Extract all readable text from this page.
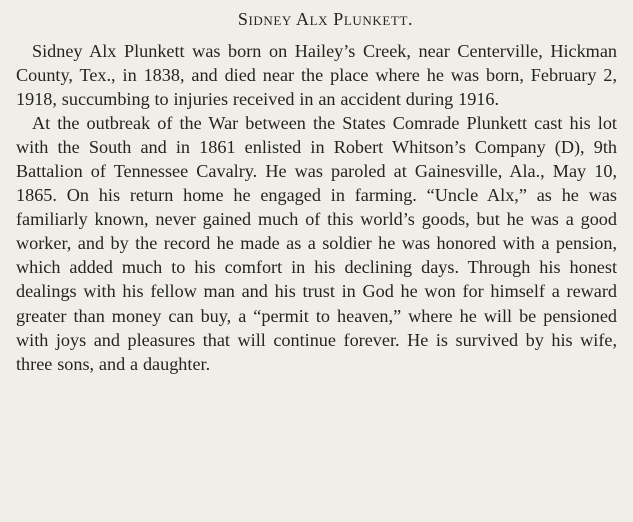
Sidney Alx Plunkett.

Sidney Alx Plunkett was born on Hailey’s Creek, near Centerville, Hickman County, Tex., in 1838, and died near the place where he was born, February 2, 1918, succumbing to injuries received in an accident during 1916.

At the outbreak of the War between the States Comrade Plunkett cast his lot with the South and in 1861 enlisted in Robert Whitson’s Company (D), 9th Battalion of Tennessee Cavalry. He was paroled at Gainesville, Ala., May 10, 1865. On his return home he engaged in farming. “Uncle Alx,” as he was familiarly known, never gained much of this world’s goods, but he was a good worker, and by the record he made as a soldier he was honored with a pension, which added much to his comfort in his declining days. Through his honest dealings with his fellow man and his trust in God he won for himself a reward greater than money can buy, a “permit to heaven,” where he will be pensioned with joys and pleasures that will continue forever. He is survived by his wife, three sons, and a daughter.
